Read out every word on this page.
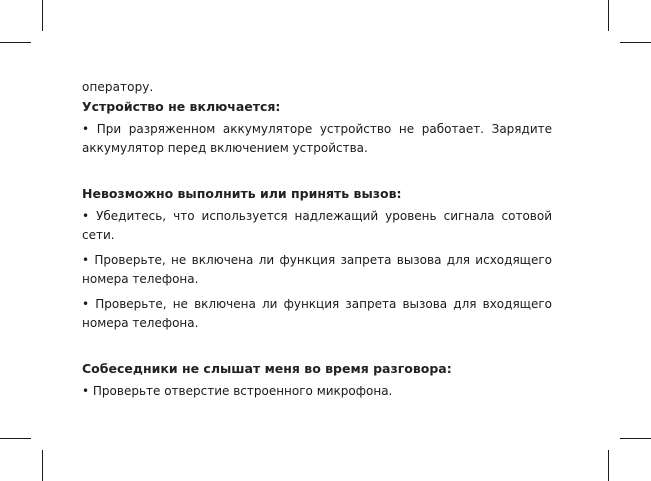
оператору.

Устройство не включается:

• При разряженном аккумуляторе устройство не работает. Зарядите аккумулятор перед включением устройства.

Невозможно выполнить или принять вызов:

• Убедитесь, что используется надлежащий уровень сигнала сотовой сети.

• Проверьте, не включена ли функция запрета вызова для исходящего номера телефона.

• Проверьте, не включена ли функция запрета вызова для входящего номера телефона.

Собеседники не слышат меня во время разговора:

• Проверьте отверстие встроенного микрофона.
